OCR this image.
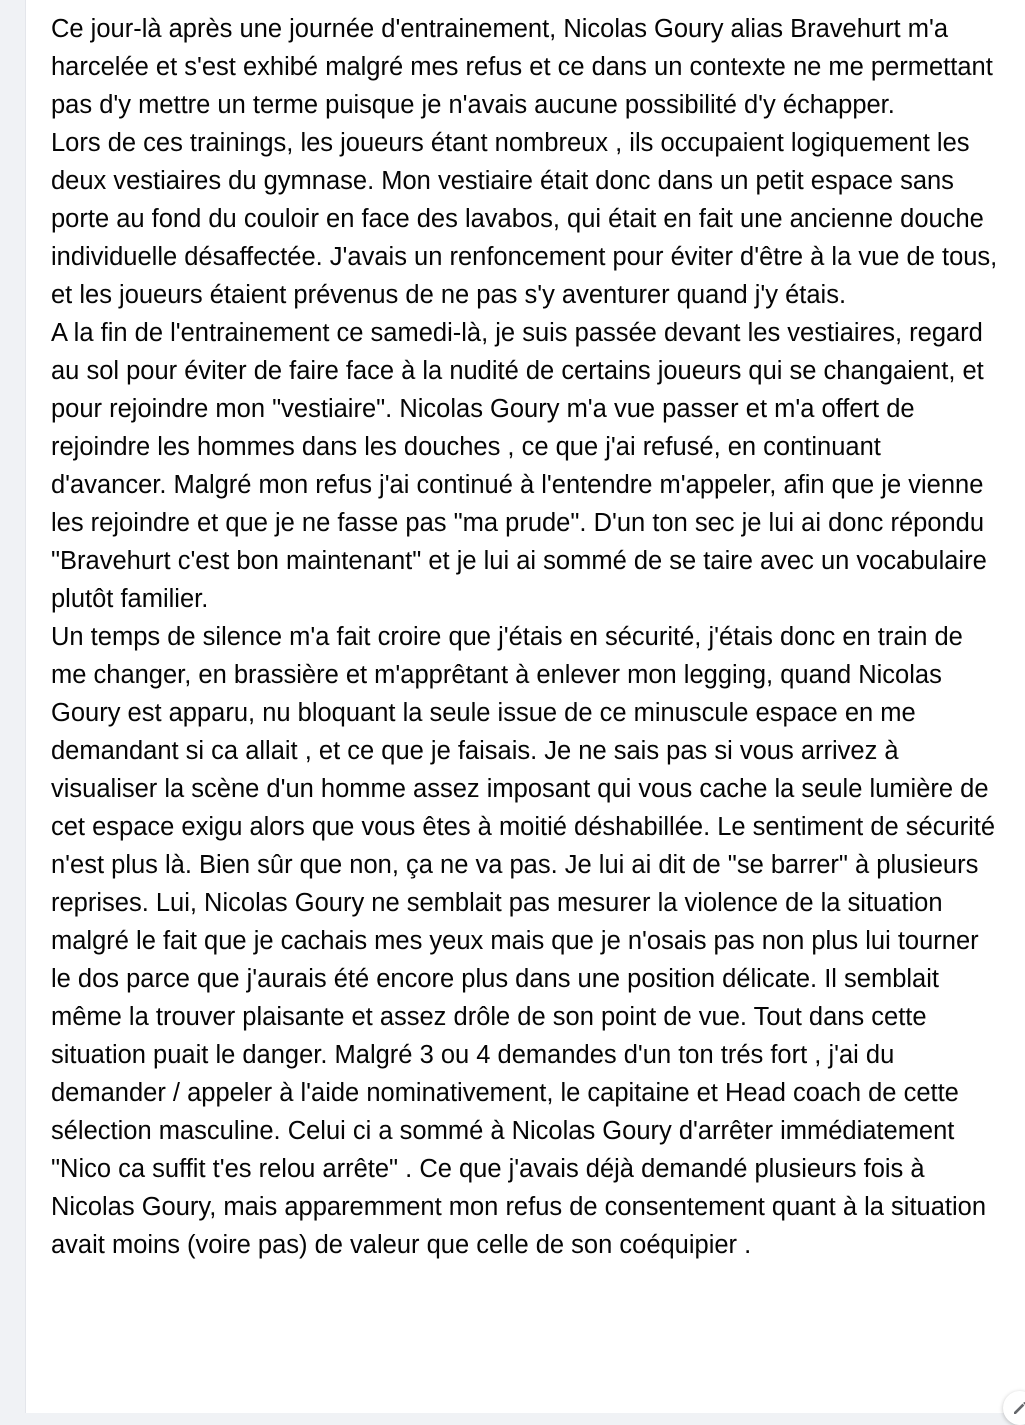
Ce jour-là après une journée d'entrainement, Nicolas Goury alias Bravehurt m'a harcelée et s'est exhibé malgré mes refus et ce dans un contexte ne me permettant pas d'y mettre un terme puisque je n'avais aucune possibilité d'y échapper.

Lors de ces trainings, les joueurs étant nombreux , ils occupaient logiquement les deux vestiaires du gymnase. Mon vestiaire était donc dans un petit espace sans porte au fond du couloir en face des lavabos, qui était en fait une ancienne douche individuelle désaffectée. J'avais un renfoncement pour éviter d'être à la vue de tous, et les joueurs étaient prévenus de ne pas s'y aventurer quand j'y étais.

A la fin de l'entrainement ce samedi-là, je suis passée devant les vestiaires, regard au sol pour éviter de faire face à la nudité de certains joueurs qui se changaient, et pour rejoindre mon "vestiaire". Nicolas Goury m'a vue passer et m'a offert de rejoindre les hommes dans les douches , ce que j'ai refusé, en continuant d'avancer. Malgré mon refus j'ai continué à l'entendre m'appeler, afin que je vienne les rejoindre et que je ne fasse pas "ma prude". D'un ton sec je lui ai donc répondu "Bravehurt c'est bon maintenant" et je lui ai sommé de se taire avec un vocabulaire plutôt familier.

Un temps de silence m'a fait croire que j'étais en sécurité, j'étais donc en train de me changer, en brassière et m'apprêtant à enlever mon legging, quand Nicolas Goury est apparu, nu bloquant la seule issue de ce minuscule espace en me demandant si ca allait , et ce que je faisais. Je ne sais pas si vous arrivez à visualiser la scène d'un homme assez imposant qui vous cache la seule lumière de cet espace exigu alors que vous êtes à moitié déshabillée. Le sentiment de sécurité n'est plus là. Bien sûr que non, ça ne va pas. Je lui ai dit de "se barrer" à plusieurs reprises. Lui, Nicolas Goury ne semblait pas mesurer la violence de la situation malgré le fait que je cachais mes yeux mais que je n'osais pas non plus lui tourner le dos parce que j'aurais été encore plus dans une position délicate. Il semblait même la trouver plaisante et assez drôle de son point de vue. Tout dans cette situation puait le danger. Malgré 3 ou 4 demandes d'un ton trés fort , j'ai du demander / appeler à l'aide nominativement, le capitaine et Head coach de cette sélection masculine. Celui ci a sommé à Nicolas Goury d'arrêter immédiatement "Nico ca suffit t'es relou arrête" . Ce que j'avais déjà demandé plusieurs fois à Nicolas Goury, mais apparemment mon refus de consentement quant à la situation avait moins (voire pas) de valeur que celle de son coéquipier .
